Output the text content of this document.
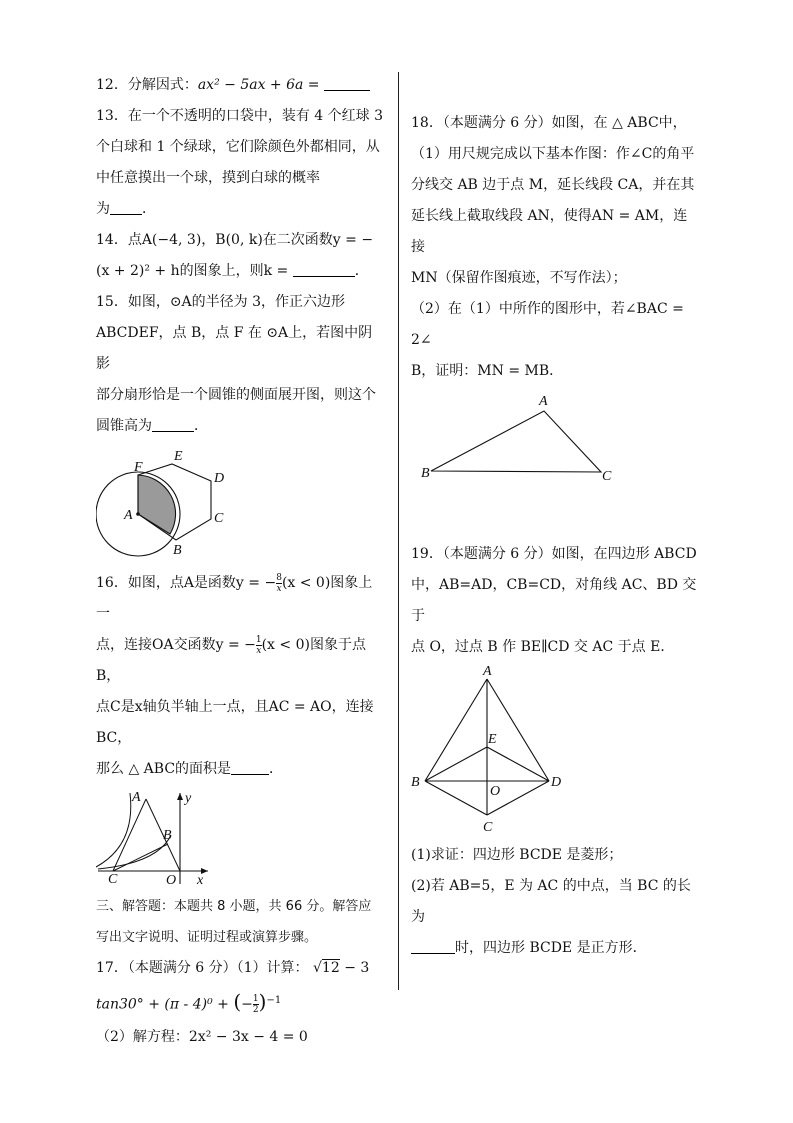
12．分解因式：ax² − 5ax + 6a =

13．在一个不透明的口袋中，装有 4 个红球 3

个白球和 1 个绿球，它们除颜色外都相同，从

中任意摸出一个球，摸到白球的概率

为 ．

14．点A(−4, 3)，B(0, k)在二次函数y = −

(x + 2)² + h的图象上，则k =	．

15．如图，⊙A的半径为 3，作正六边形

ABCDEF，点 B，点 F 在 ⊙A上，若图中阴影

部分扇形恰是一个圆锥的侧面展开图，则这个

圆锥高为	．

E
F
D
A	C
B

16．如图，点A是函数y = − $\frac{8}{x} (x < 0)$图象上一

点，连接OA交函数y = − $\frac{1}{x} (x < 0)$图象于点B，

点C是x轴负半轴上一点，且AC = AO，连接BC，

那么 △ ABC的面积是	．

A
B
C	O x
y

三、解答题：本题共 8 小题，共 66 分。解答应

写出文字说明、证明过程或演算步骤。

17．（本题满分 6 分）（1）计算： √12 − 3

tan30° + (π - 4)⁰ + (− $\frac{1}{2} )^{-1}$

（2）解方程：2x² − 3x − 4 = 0

18．（本题满分 6 分）如图，在 △ ABC中，

（1）用尺规完成以下基本作图：作∠C的角平

分线交 AB 边于点 M，延长线段 CA，并在其

延长线上截取线段 AN，使得AN = AM，连接

MN（保留作图痕迹，不写作法）；

（2）在（1）中所作的图形中，若∠BAC = 2∠

B，证明：MN = MB．

A
B	C

19．（本题满分 6 分）如图，在四边形 ABCD

中，AB=AD，CB=CD，对角线 AC、BD 交于

点 O，过点 B 作 BE∥CD 交 AC 于点 E．

A
E
B
O
D
C

(1)求证：四边形 BCDE 是菱形；

(2)若 AB=5，E 为 AC 的中点，当 BC 的长为

时，四边形 BCDE 是正方形．
